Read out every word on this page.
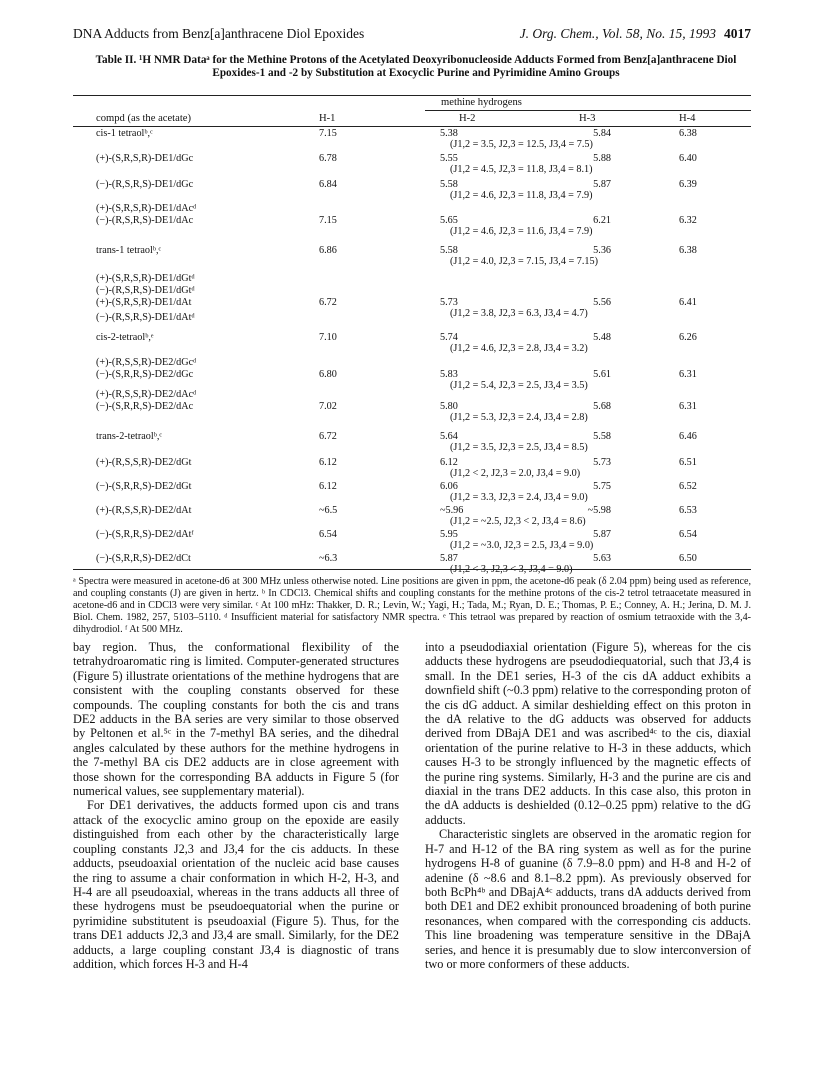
DNA Adducts from Benz[a]anthracene Diol Epoxides	J. Org. Chem., Vol. 58, No. 15, 1993 4017
Table II. ¹H NMR Dataᵃ for the Methine Protons of the Acetylated Deoxyribonucleoside Adducts Formed from Benz[a]anthracene Diol Epoxides-1 and -2 by Substitution at Exocyclic Purine and Pyrimidine Amino Groups
methine hydrogens
compd (as the acetate)	H-1	H-2	H-3	H-4
cis-1 tetraolᵇ,ᶜ	7.15	5.38	5.84	6.38
(J1,2 = 3.5, J2,3 = 12.5, J3,4 = 7.5)
(+)-(S,R,S,R)-DE1/dGc	6.78	5.55	5.88	6.40
(J1,2 = 4.5, J2,3 = 11.8, J3,4 = 8.1)
(−)-(R,S,R,S)-DE1/dGc	6.84	5.58	5.87	6.39
(J1,2 = 4.6, J2,3 = 11.8, J3,4 = 7.9)
(+)-(S,R,S,R)-DE1/dAcᵈ
(−)-(R,S,R,S)-DE1/dAc	7.15	5.65	6.21	6.32
(J1,2 = 4.6, J2,3 = 11.6, J3,4 = 7.9)
trans-1 tetraolᵇ,ᶜ	6.86	5.58	5.36	6.38
(J1,2 = 4.0, J2,3 = 7.15, J3,4 = 7.15)
(+)-(S,R,S,R)-DE1/dGtᵈ
(−)-(R,S,R,S)-DE1/dGtᵈ
(+)-(S,R,S,R)-DE1/dAt	6.72	5.73	5.56	6.41
(J1,2 = 3.8, J2,3 = 6.3, J3,4 = 4.7)
(−)-(R,S,R,S)-DE1/dAtᵈ
cis-2-tetraolᵇ,ᵉ	7.10	5.74	5.48	6.26
(J1,2 = 4.6, J2,3 = 2.8, J3,4 = 3.2)
(+)-(R,S,S,R)-DE2/dGcᵈ
(−)-(S,R,R,S)-DE2/dGc	6.80	5.83	5.61	6.31
(J1,2 = 5.4, J2,3 = 2.5, J3,4 = 3.5)
(+)-(R,S,S,R)-DE2/dAcᵈ
(−)-(S,R,R,S)-DE2/dAc	7.02	5.80	5.68	6.31
(J1,2 = 5.3, J2,3 = 2.4, J3,4 = 2.8)
trans-2-tetraolᵇ,ᶜ	6.72	5.64	5.58	6.46
(J1,2 = 3.5, J2,3 = 2.5, J3,4 = 8.5)
(+)-(R,S,S,R)-DE2/dGt	6.12	6.12	5.73	6.51
(J1,2 < 2, J2,3 = 2.0, J3,4 = 9.0)
(−)-(S,R,R,S)-DE2/dGt	6.12	6.06	5.75	6.52
(J1,2 = 3.3, J2,3 = 2.4, J3,4 = 9.0)
(+)-(R,S,S,R)-DE2/dAt	~6.5	~5.96	~5.98	6.53
(J1,2 = ~2.5, J2,3 < 2, J3,4 = 8.6)
(−)-(S,R,R,S)-DE2/dAtᶠ	6.54	5.95	5.87	6.54
(J1,2 = ~3.0, J2,3 = 2.5, J3,4 = 9.0)
(−)-(S,R,R,S)-DE2/dCt	~6.3	5.87	5.63	6.50
(J1,2 < 3, J2,3 < 3, J3,4 = 9.0)
ᵃ Spectra were measured in acetone-d6 at 300 MHz unless otherwise noted. Line positions are given in ppm, the acetone-d6 peak (δ 2.04 ppm) being used as reference, and coupling constants (J) are given in hertz. ᵇ In CDCl3. Chemical shifts and coupling constants for the methine protons of the cis-2 tetrol tetraacetate measured in acetone-d6 and in CDCl3 were very similar. ᶜ At 100 mHz: Thakker, D. R.; Levin, W.; Yagi, H.; Tada, M.; Ryan, D. E.; Thomas, P. E.; Conney, A. H.; Jerina, D. M. J. Biol. Chem. 1982, 257, 5103–5110. ᵈ Insufficient material for satisfactory NMR spectra. ᵉ This tetraol was prepared by reaction of osmium tetraoxide with the 3,4-dihydrodiol. ᶠ At 500 MHz.

bay region. Thus, the conformational flexibility of the tetrahydroaromatic ring is limited. Computer-generated structures (Figure 5) illustrate orientations of the methine hydrogens that are consistent with the coupling constants observed for these compounds. The coupling constants for both the cis and trans DE2 adducts in the BA series are very similar to those observed by Peltonen et al.⁵ᶜ in the 7-methyl BA series, and the dihedral angles calculated by these authors for the methine hydrogens in the 7-methyl BA cis DE2 adducts are in close agreement with those shown for the corresponding BA adducts in Figure 5 (for numerical values, see supplementary material).

For DE1 derivatives, the adducts formed upon cis and trans attack of the exocyclic amino group on the epoxide are easily distinguished from each other by the characteristically large coupling constants J2,3 and J3,4 for the cis adducts. In these adducts, pseudoaxial orientation of the nucleic acid base causes the ring to assume a chair conformation in which H-2, H-3, and H-4 are all pseudoaxial, whereas in the trans adducts all three of these hydrogens must be pseudoequatorial when the purine or pyrimidine substitutent is pseudoaxial (Figure 5). Thus, for the trans DE1 adducts J2,3 and J3,4 are small. Similarly, for the DE2 adducts, a large coupling constant J3,4 is diagnostic of trans addition, which forces H-3 and H-4

into a pseudodiaxial orientation (Figure 5), whereas for the cis adducts these hydrogens are pseudodiequatorial, such that J3,4 is small. In the DE1 series, H-3 of the cis dA adduct exhibits a downfield shift (~0.3 ppm) relative to the corresponding proton of the cis dG adduct. A similar deshielding effect on this proton in the dA relative to the dG adducts was observed for adducts derived from DBajA DE1 and was ascribed⁴ᶜ to the cis, diaxial orientation of the purine relative to H-3 in these adducts, which causes H-3 to be strongly influenced by the magnetic effects of the purine ring systems. Similarly, H-3 and the purine are cis and diaxial in the trans DE2 adducts. In this case also, this proton in the dA adducts is deshielded (0.12–0.25 ppm) relative to the dG adducts.

Characteristic singlets are observed in the aromatic region for H-7 and H-12 of the BA ring system as well as for the purine hydrogens H-8 of guanine (δ 7.9–8.0 ppm) and H-8 and H-2 of adenine (δ ~8.6 and 8.1–8.2 ppm). As previously observed for both BcPh⁴ᵇ and DBajA⁴ᶜ adducts, trans dA adducts derived from both DE1 and DE2 exhibit pronounced broadening of both purine resonances, when compared with the corresponding cis adducts. This line broadening was temperature sensitive in the DBajA series, and hence it is presumably due to slow interconversion of two or more conformers of these adducts.
